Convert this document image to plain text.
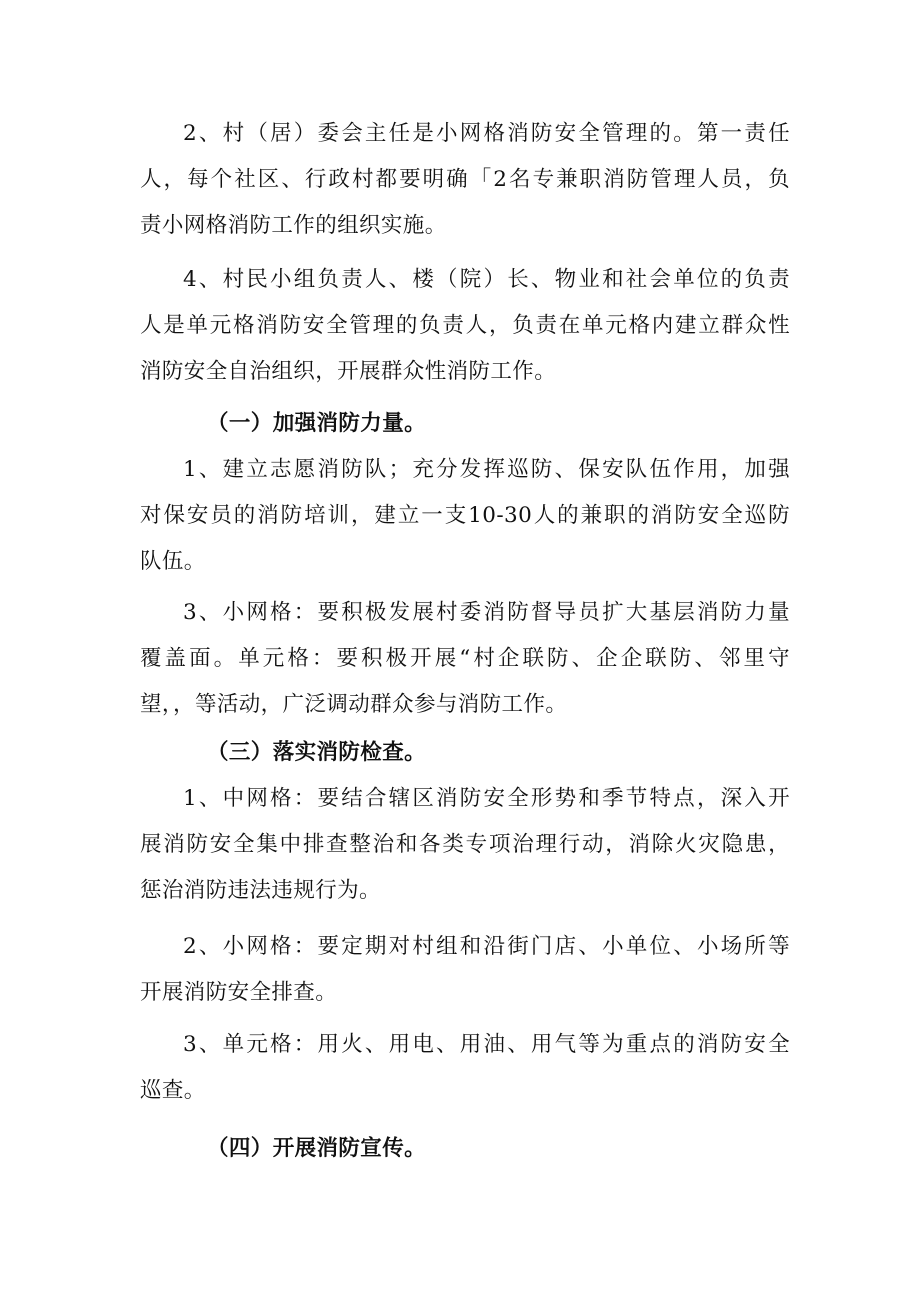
2、村（居）委会主任是小网格消防安全管理的。第一责任
人，每个社区、行政村都要明确「2名专兼职消防管理人员，负
责小网格消防工作的组织实施。

4、村民小组负责人、楼（院）长、物业和社会单位的负责
人是单元格消防安全管理的负责人，负责在单元格内建立群众性
消防安全自治组织，开展群众性消防工作。

（一）加强消防力量。

1、建立志愿消防队；充分发挥巡防、保安队伍作用，加强
对保安员的消防培训，建立一支10-30人的兼职的消防安全巡防
队伍。

3、小网格：要积极发展村委消防督导员扩大基层消防力量
覆盖面。单元格：要积极开展“村企联防、企企联防、邻里守
望，，等活动，广泛调动群众参与消防工作。

（三）落实消防检查。

1、中网格：要结合辖区消防安全形势和季节特点，深入开
展消防安全集中排查整治和各类专项治理行动，消除火灾隐患，
惩治消防违法违规行为。

2、小网格：要定期对村组和沿街门店、小单位、小场所等
开展消防安全排查。

3、单元格：用火、用电、用油、用气等为重点的消防安全
巡查。

（四）开展消防宣传。
